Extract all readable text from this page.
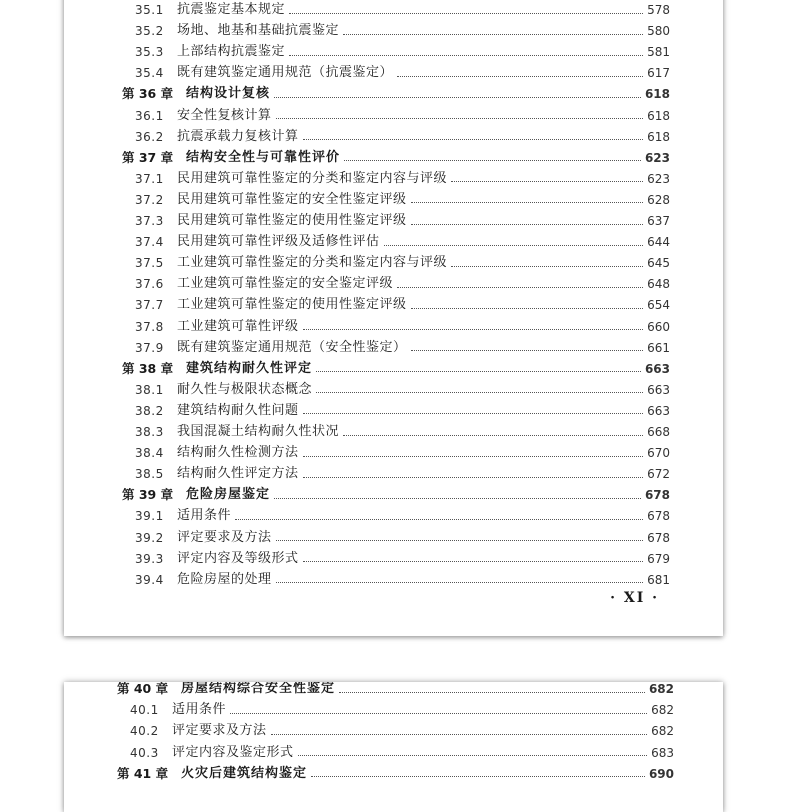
35.1	抗震鉴定基本规定	578
35.2	场地、地基和基础抗震鉴定	580
35.3	上部结构抗震鉴定	581
35.4	既有建筑鉴定通用规范（抗震鉴定）	617
第 36 章 结构设计复核	618
36.1	安全性复核计算	618
36.2	抗震承载力复核计算	618
第 37 章 结构安全性与可靠性评价	623
37.1	民用建筑可靠性鉴定的分类和鉴定内容与评级	623
37.2	民用建筑可靠性鉴定的安全性鉴定评级	628
37.3	民用建筑可靠性鉴定的使用性鉴定评级	637
37.4	民用建筑可靠性评级及适修性评估	644
37.5	工业建筑可靠性鉴定的分类和鉴定内容与评级	645
37.6	工业建筑可靠性鉴定的安全鉴定评级	648
37.7	工业建筑可靠性鉴定的使用性鉴定评级	654
37.8	工业建筑可靠性评级	660
37.9	既有建筑鉴定通用规范（安全性鉴定）	661
第 38 章 建筑结构耐久性评定	663
38.1	耐久性与极限状态概念	663
38.2	建筑结构耐久性问题	663
38.3	我国混凝土结构耐久性状况	668
38.4	结构耐久性检测方法	670
38.5	结构耐久性评定方法	672
第 39 章 危险房屋鉴定	678
39.1	适用条件	678
39.2	评定要求及方法	678
39.3	评定内容及等级形式	679
39.4	危险房屋的处理	681
· XI ·
第 40 章 房屋结构综合安全性鉴定	682
40.1	适用条件	682
40.2	评定要求及方法	682
40.3	评定内容及鉴定形式	683
第 41 章 火灾后建筑结构鉴定	690
